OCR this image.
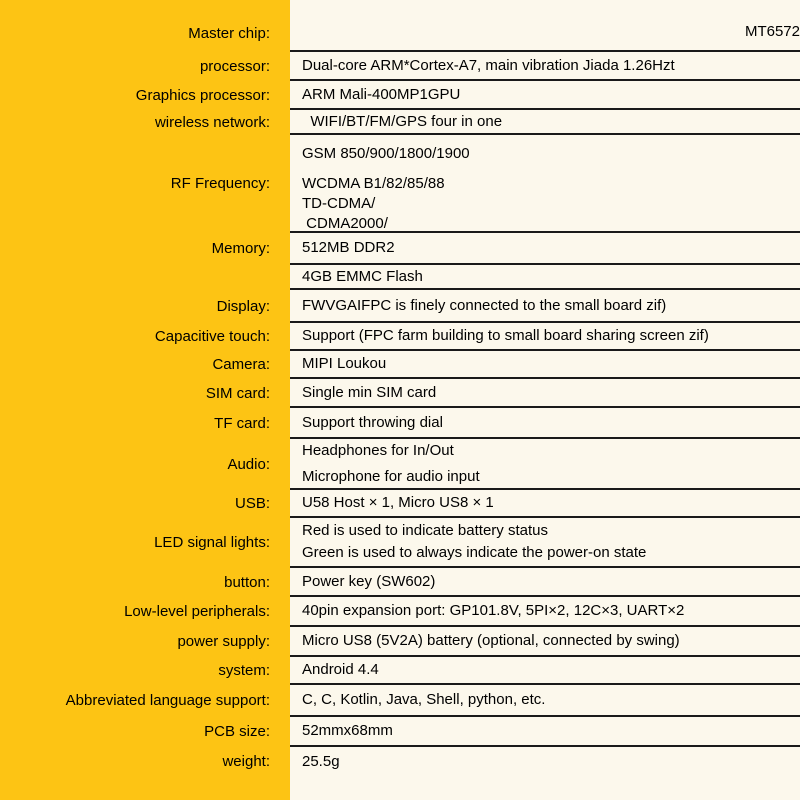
Master chip:	MT6572
processor:	Dual-core ARM*Cortex-A7, main vibration Jiada 1.26Hzt
Graphics processor:	ARM Mali-400MP1GPU
wireless network:	WIFI/BT/FM/GPS four in one
RF Frequency:
GSM 850/900/1800/1900
WCDMA B1/82/85/88
TD-CDMA/
CDMA2000/
Memory:	512MB DDR2
4GB EMMC Flash
Display:	FWVGAIFPC is finely connected to the small board zif)
Capacitive touch:	Support (FPC farm building to small board sharing screen zif)
Camera:	MIPI Loukou
SIM card:	Single min SIM card
TF card:	Support throwing dial
Audio:
Headphones for In/Out
Microphone for audio input
USB:	U58 Host × 1, Micro US8 × 1
LED signal lights:
Red is used to indicate battery status
Green is used to always indicate the power-on state
button:	Power key (SW602)
Low-level peripherals:	40pin expansion port: GP101.8V, 5PI×2, 12C×3, UART×2
power supply:	Micro US8 (5V2A) battery (optional, connected by swing)
system:	Android 4.4
Abbreviated language support:	C, C, Kotlin, Java, Shell, python, etc.
PCB size:	52mmx68mm
weight:	25.5g
